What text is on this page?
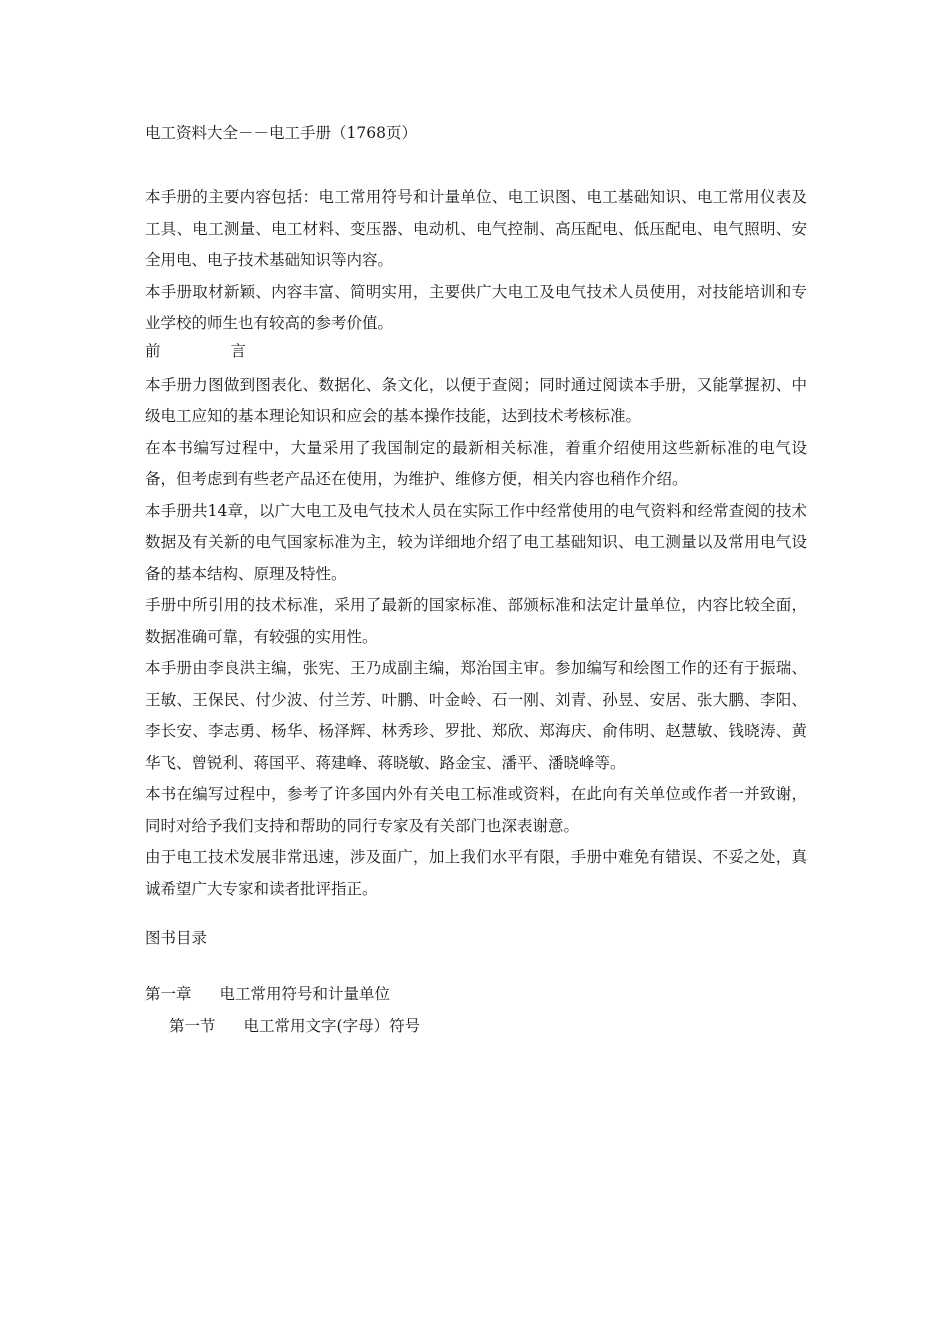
电工资料大全－－电工手册（1768页）

本手册的主要内容包括：电工常用符号和计量单位、电工识图、电工基础知识、电工常用仪表及工具、电工测量、电工材料、变压器、电动机、电气控制、高压配电、低压配电、电气照明、安全用电、电子技术基础知识等内容。

本手册取材新颖、内容丰富、简明实用，主要供广大电工及电气技术人员使用，对技能培训和专业学校的师生也有较高的参考价值。

前	言

本手册力图做到图表化、数据化、条文化，以便于查阅；同时通过阅读本手册，又能掌握初、中级电工应知的基本理论知识和应会的基本操作技能，达到技术考核标准。

在本书编写过程中，大量采用了我国制定的最新相关标准，着重介绍使用这些新标准的电气设备，但考虑到有些老产品还在使用，为维护、维修方便，相关内容也稍作介绍。

本手册共14章，以广大电工及电气技术人员在实际工作中经常使用的电气资料和经常查阅的技术数据及有关新的电气国家标准为主，较为详细地介绍了电工基础知识、电工测量以及常用电气设备的基本结构、原理及特性。

手册中所引用的技术标准，采用了最新的国家标准、部颁标准和法定计量单位，内容比较全面，数据准确可靠，有较强的实用性。

本手册由李良洪主编，张宪、王乃成副主编，郑治国主审。参加编写和绘图工作的还有于振瑞、王敏、王保民、付少波、付兰芳、叶鹏、叶金岭、石一刚、刘青、孙昱、安居、张大鹏、李阳、李长安、李志勇、杨华、杨泽辉、林秀珍、罗批、郑欣、郑海庆、俞伟明、赵慧敏、钱晓涛、黄华飞、曾锐利、蒋国平、蒋建峰、蒋晓敏、路金宝、潘平、潘晓峰等。

本书在编写过程中，参考了许多国内外有关电工标准或资料，在此向有关单位或作者一并致谢，同时对给予我们支持和帮助的同行专家及有关部门也深表谢意。

由于电工技术发展非常迅速，涉及面广，加上我们水平有限，手册中难免有错误、不妥之处，真诚希望广大专家和读者批评指正。

图书目录

第一章 电工常用符号和计量单位

第一节 电工常用文字(字母）符号
